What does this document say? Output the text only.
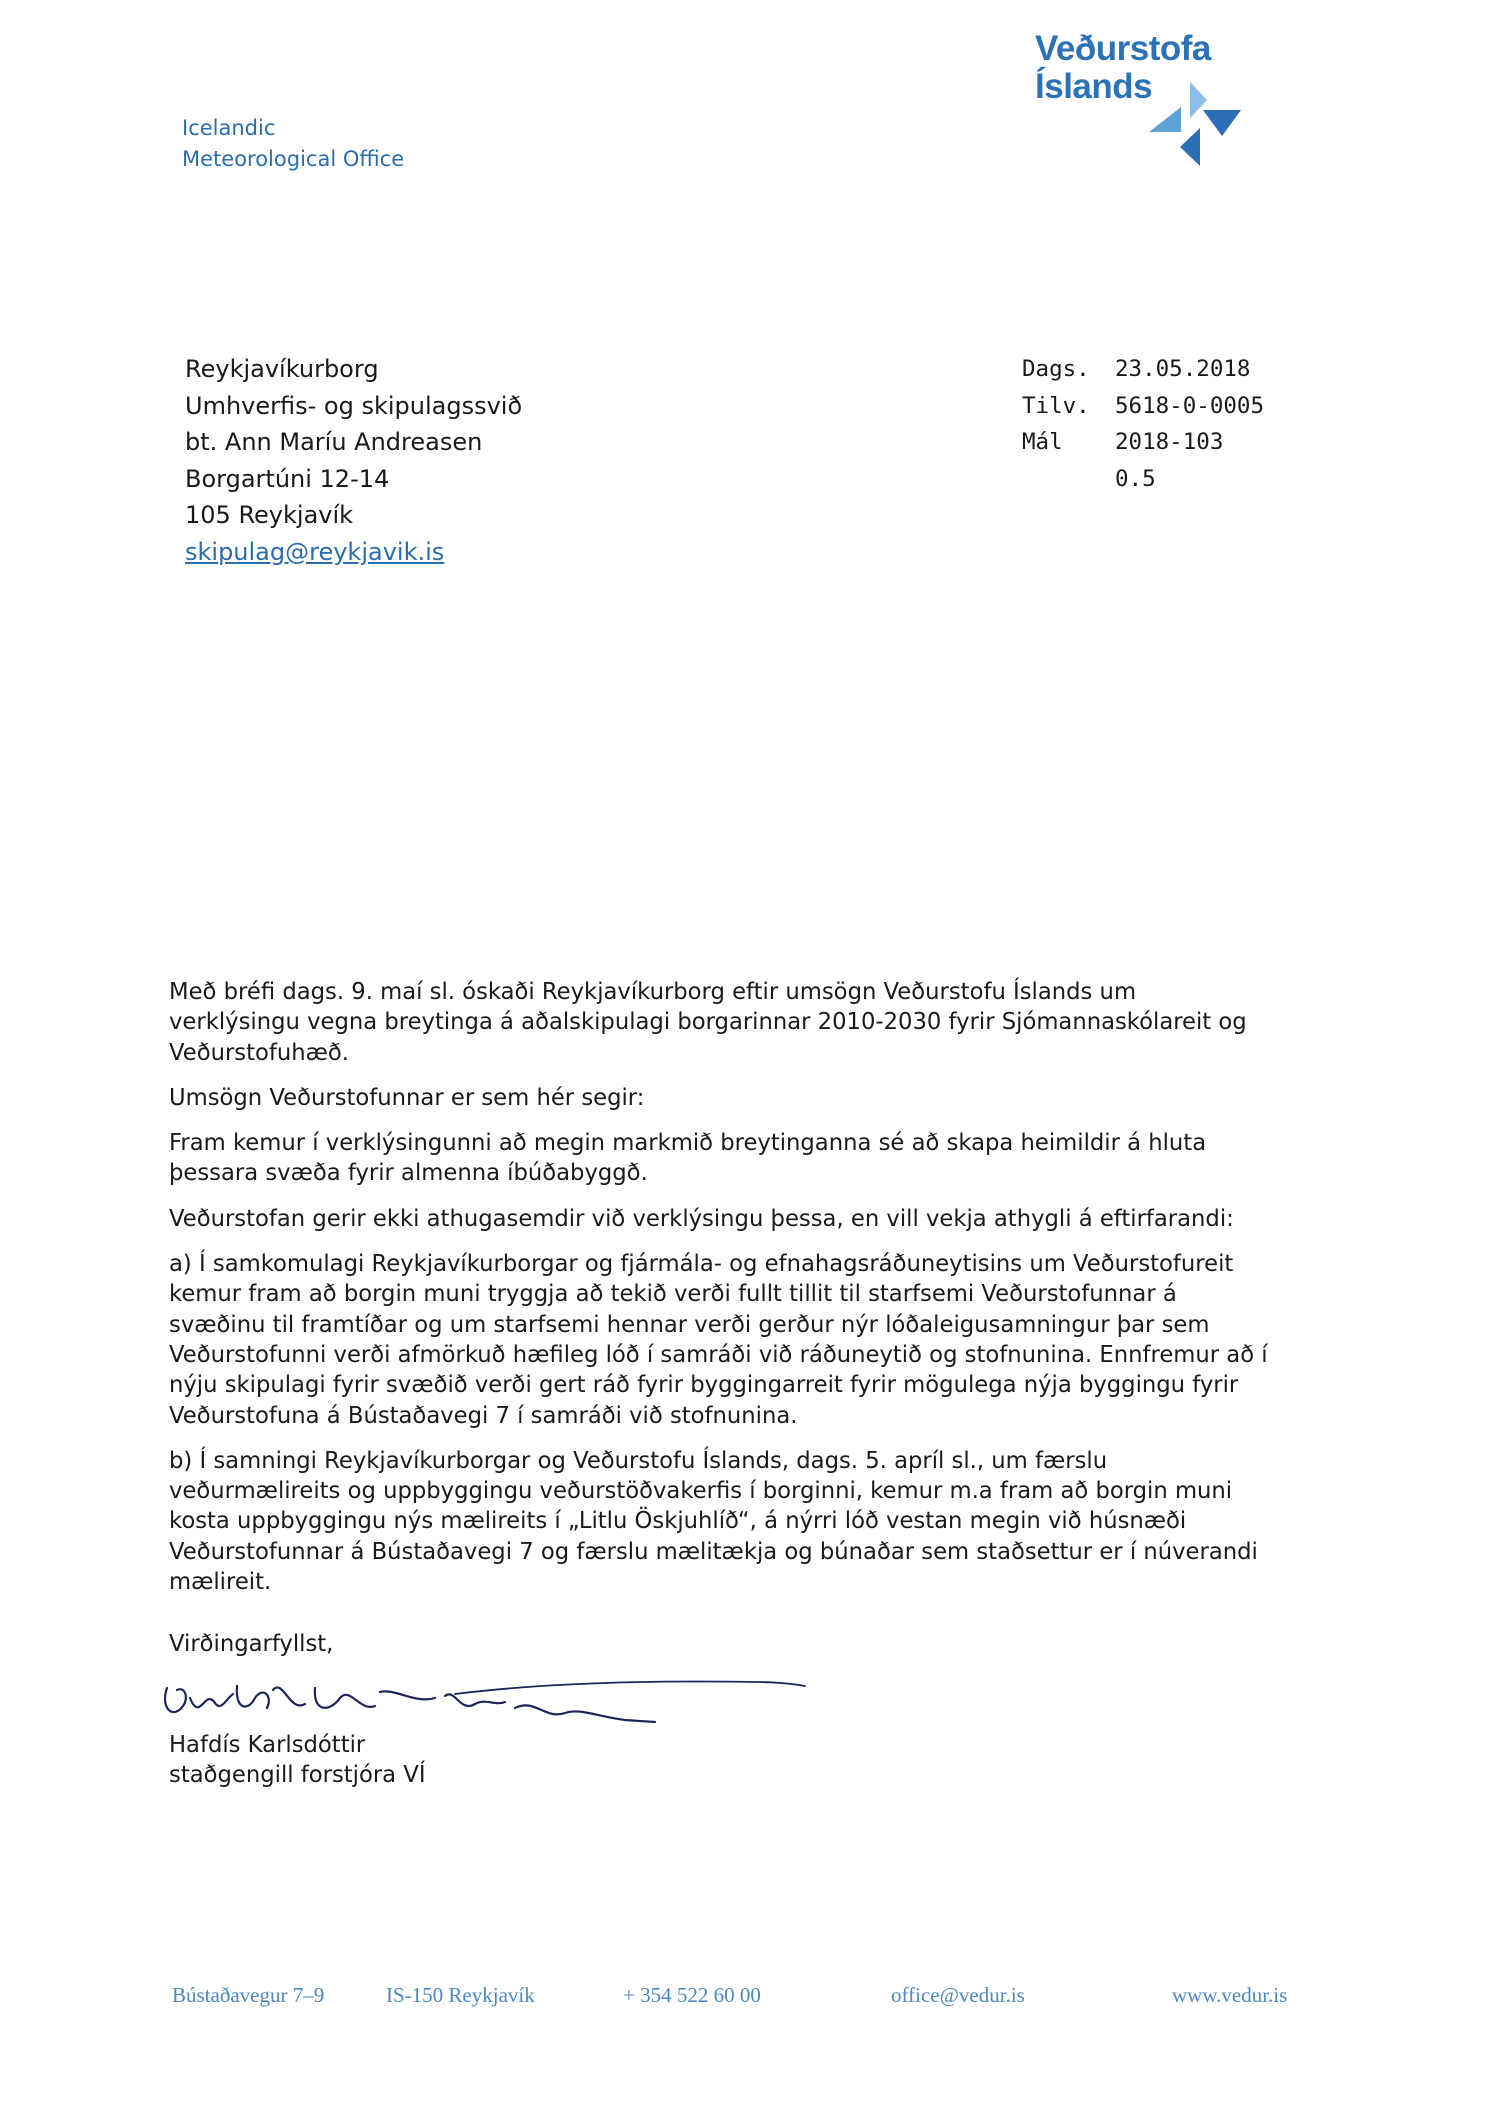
Icelandic
Meteorological Office
Veðurstofa
Íslands
Reykjavíkurborg
Umhverfis- og skipulagssvið
bt. Ann Maríu Andreasen
Borgartúni 12-14
105 Reykjavík
skipulag@reykjavik.is
Dags.	23.05.2018
Tilv.	5618-0-0005
Mál	2018-103
0.5

Með bréfi dags. 9. maí sl. óskaði Reykjavíkurborg eftir umsögn Veðurstofu Íslands um verklýsingu vegna breytinga á aðalskipulagi borgarinnar 2010-2030 fyrir Sjómannaskólareit og Veðurstofuhæð.

Umsögn Veðurstofunnar er sem hér segir:

Fram kemur í verklýsingunni að megin markmið breytinganna sé að skapa heimildir á hluta þessara svæða fyrir almenna íbúðabyggð.

Veðurstofan gerir ekki athugasemdir við verklýsingu þessa, en vill vekja athygli á eftirfarandi:

a) Í samkomulagi Reykjavíkurborgar og fjármála- og efnahagsráðuneytisins um Veðurstofureit kemur fram að borgin muni tryggja að tekið verði fullt tillit til starfsemi Veðurstofunnar á svæðinu til framtíðar og um starfsemi hennar verði gerður nýr lóðaleigusamningur þar sem Veðurstofunni verði afmörkuð hæfileg lóð í samráði við ráðuneytið og stofnunina. Ennfremur að í nýju skipulagi fyrir svæðið verði gert ráð fyrir byggingarreit fyrir mögulega nýja byggingu fyrir Veðurstofuna á Bústaðavegi 7 í samráði við stofnunina.

b) Í samningi Reykjavíkurborgar og Veðurstofu Íslands, dags. 5. apríl sl., um færslu veðurmælireits og uppbyggingu veðurstöðvakerfis í borginni, kemur m.a fram að borgin muni kosta uppbyggingu nýs mælireits í „Litlu Öskjuhlíð“, á nýrri lóð vestan megin við húsnæði Veðurstofunnar á Bústaðavegi 7 og færslu mælitækja og búnaðar sem staðsettur er í núverandi mælireit.

Virðingarfyllst,
Hafdís Karlsdóttir
staðgengill forstjóra VÍ
Bústaðavegur 7–9	IS-150 Reykjavík	+ 354 522 60 00	office@vedur.is	www.vedur.is
